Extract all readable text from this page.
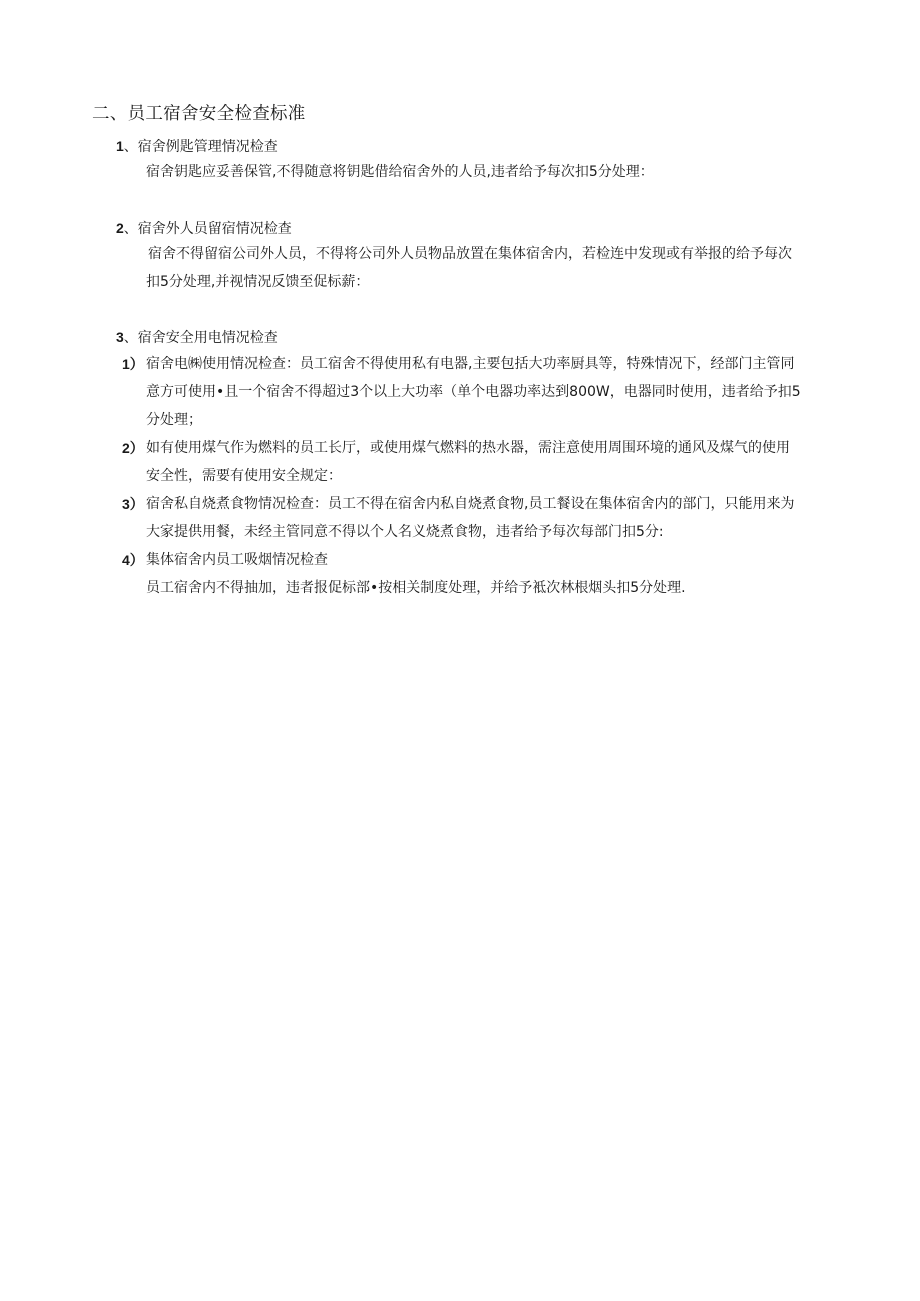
二、员工宿舍安全检查标准

1、宿舍例匙管理情况检查

宿舍钥匙应妥善保管,不得随意将钥匙借给宿舍外的人员,违者给予每次扣5分处理：

2、宿舍外人员留宿情况检查

宿舍不得留宿公司外人员，不得将公司外人员物品放置在集体宿舍内，若检连中发现或有举报的给予每次
扣5分处理,并视情况反馈至促标薪：

3、宿舍安全用电情况检查

1） 宿舍电㈱使用情况检查：员工宿舍不得使用私有电器,主要包括大功率厨具等，特殊情况下，经部门主管同
意方可使用•且一个宿舍不得超过3个以上大功率（单个电器功率达到800W，电器同时使用，违者给予扣5
分处理；
2） 如有使用煤气作为燃料的员工长厅，或使用煤气燃料的热水器，需注意使用周围环境的通风及煤气的使用
安全性，需要有使用安全规定：
3） 宿舍私自烧煮食物情况检查：员工不得在宿舍内私自烧煮食物,员工餐设在集体宿舍内的部门，只能用来为
大家提供用餐，未经主管同意不得以个人名义烧煮食物，违者给予每次每部门扣5分:
4） 集体宿舍内员工吸烟情况检查
员工宿舍内不得抽加，违者报促标部•按相关制度处理，并给予袛次林根烟头扣5分处理.
